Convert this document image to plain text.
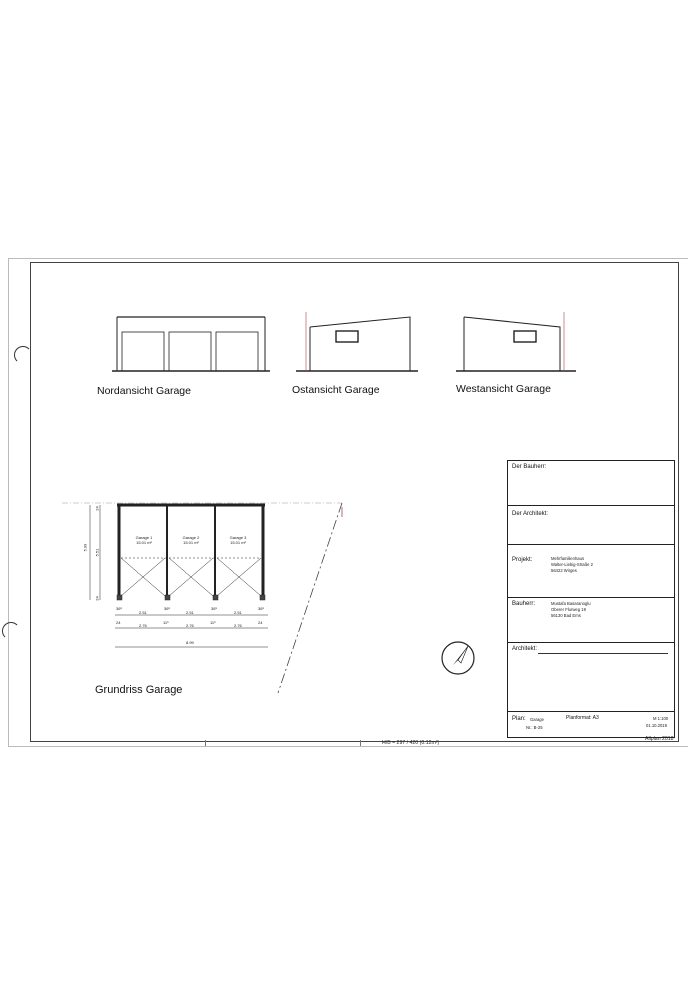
Nordansicht Garage	Ostansicht Garage	Westansicht Garage
Garage 1
15.01 m²
Garage 2
15.01 m²
Garage 3
15.01 m²
36⁵
2.51
36⁵
2.51
36⁵
2.51
36⁵
24
2.76
11⁵
2.76
11⁵
2.76
24
8.99
5.99
5.51
24
24
Grundriss Garage
Der Bauherr:
Der Architekt:
Projekt:	Mehrfamilienhaus
Walter-Liebig-Straße 2
56422 Wirges
Bauherr:	Mustafa Basaranoglu
Oberer Flurweg 19
56130 Bad Ems
Architekt:
Plan: Garage
Nr.: B-25
Planformat: A3	M 1:100
01.10.2019
H/B = 297 / 420 (0.12m²)
Allplan 2018
